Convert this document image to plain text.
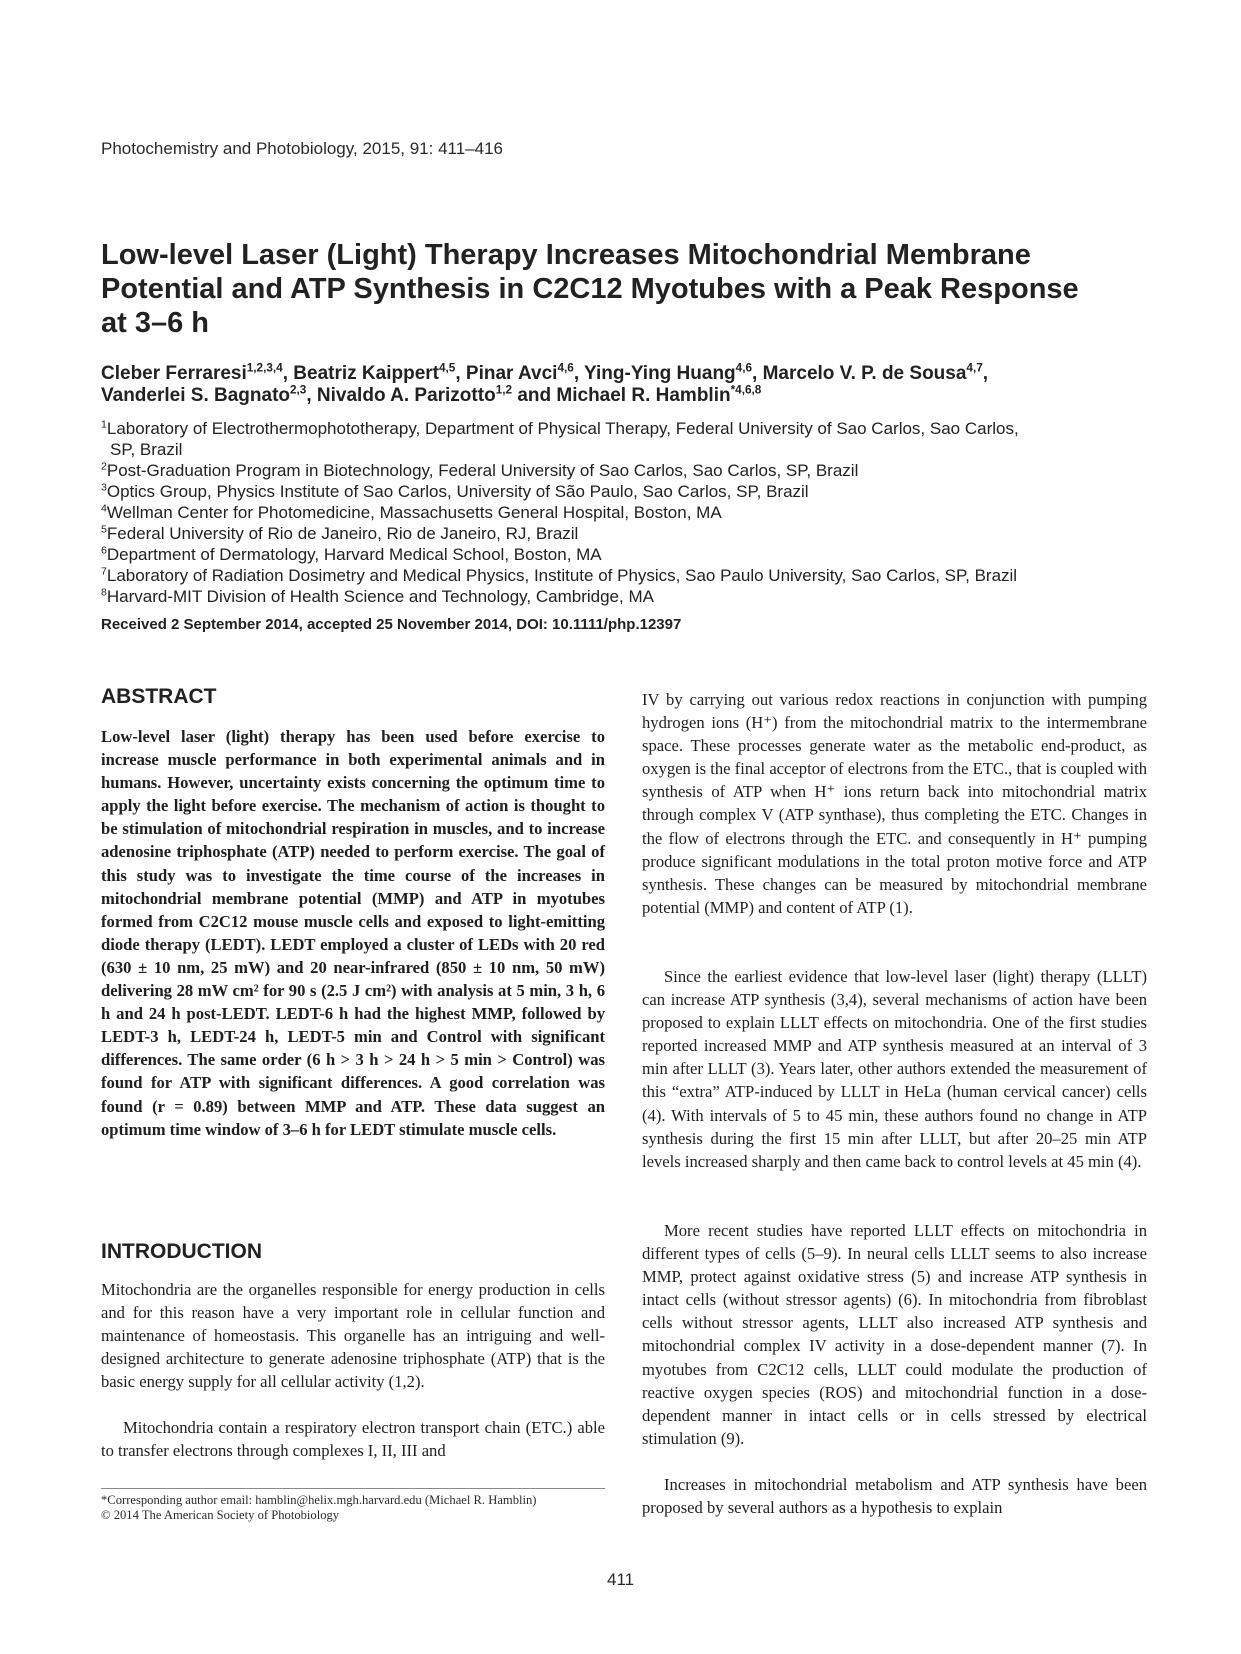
Photochemistry and Photobiology, 2015, 91: 411–416
Low-level Laser (Light) Therapy Increases Mitochondrial Membrane
Potential and ATP Synthesis in C2C12 Myotubes with a Peak Response
at 3–6 h
Cleber Ferraresi$^{1,2,3,4}$, Beatriz Kaippert$^{4,5}$, Pinar Avci$^{4,6}$, Ying-Ying Huang$^{4,6}$, Marcelo V. P. de Sousa$^{4,7}$,
Vanderlei S. Bagnato$^{2,3}$, Nivaldo A. Parizotto$^{1,2}$ and Michael R. Hamblin$^{*4,6,8}$
$^1$Laboratory of Electrothermophototherapy, Department of Physical Therapy, Federal University of Sao Carlos, Sao Carlos,
SP, Brazil
$^2$Post-Graduation Program in Biotechnology, Federal University of Sao Carlos, Sao Carlos, SP, Brazil
$^3$Optics Group, Physics Institute of Sao Carlos, University of São Paulo, Sao Carlos, SP, Brazil
$^4$Wellman Center for Photomedicine, Massachusetts General Hospital, Boston, MA
$^5$Federal University of Rio de Janeiro, Rio de Janeiro, RJ, Brazil
$^6$Department of Dermatology, Harvard Medical School, Boston, MA
$^7$Laboratory of Radiation Dosimetry and Medical Physics, Institute of Physics, Sao Paulo University, Sao Carlos, SP, Brazil
$^8$Harvard-MIT Division of Health Science and Technology, Cambridge, MA
Received 2 September 2014, accepted 25 November 2014, DOI: 10.1111/php.12397
ABSTRACT

Low-level laser (light) therapy has been used before exercise to increase muscle performance in both experimental animals and in humans. However, uncertainty exists concerning the optimum time to apply the light before exercise. The mechanism of action is thought to be stimulation of mitochondrial respiration in muscles, and to increase adenosine triphosphate (ATP) needed to perform exercise. The goal of this study was to investigate the time course of the increases in mitochondrial membrane potential (MMP) and ATP in myotubes formed from C2C12 mouse muscle cells and exposed to light-emitting diode therapy (LEDT). LEDT employed a cluster of LEDs with 20 red (630 ± 10 nm, 25 mW) and 20 near-infrared (850 ± 10 nm, 50 mW) delivering 28 mW cm² for 90 s (2.5 J cm²) with analysis at 5 min, 3 h, 6 h and 24 h post-LEDT. LEDT-6 h had the highest MMP, followed by LEDT-3 h, LEDT-24 h, LEDT-5 min and Control with significant differences. The same order (6 h > 3 h > 24 h > 5 min > Control) was found for ATP with significant differences. A good correlation was found (r = 0.89) between MMP and ATP. These data suggest an optimum time window of 3–6 h for LEDT stimulate muscle cells.

INTRODUCTION

Mitochondria are the organelles responsible for energy production in cells and for this reason have a very important role in cellular function and maintenance of homeostasis. This organelle has an intriguing and well-designed architecture to generate adenosine triphosphate (ATP) that is the basic energy supply for all cellular activity (1,2).

Mitochondria contain a respiratory electron transport chain (ETC.) able to transfer electrons through complexes I, II, III and

IV by carrying out various redox reactions in conjunction with pumping hydrogen ions (H⁺) from the mitochondrial matrix to the intermembrane space. These processes generate water as the metabolic end-product, as oxygen is the final acceptor of electrons from the ETC., that is coupled with synthesis of ATP when H⁺ ions return back into mitochondrial matrix through complex V (ATP synthase), thus completing the ETC. Changes in the flow of electrons through the ETC. and consequently in H⁺ pumping produce significant modulations in the total proton motive force and ATP synthesis. These changes can be measured by mitochondrial membrane potential (MMP) and content of ATP (1).

Since the earliest evidence that low-level laser (light) therapy (LLLT) can increase ATP synthesis (3,4), several mechanisms of action have been proposed to explain LLLT effects on mitochondria. One of the first studies reported increased MMP and ATP synthesis measured at an interval of 3 min after LLLT (3). Years later, other authors extended the measurement of this “extra” ATP-induced by LLLT in HeLa (human cervical cancer) cells (4). With intervals of 5 to 45 min, these authors found no change in ATP synthesis during the first 15 min after LLLT, but after 20–25 min ATP levels increased sharply and then came back to control levels at 45 min (4).

More recent studies have reported LLLT effects on mitochondria in different types of cells (5–9). In neural cells LLLT seems to also increase MMP, protect against oxidative stress (5) and increase ATP synthesis in intact cells (without stressor agents) (6). In mitochondria from fibroblast cells without stressor agents, LLLT also increased ATP synthesis and mitochondrial complex IV activity in a dose-dependent manner (7). In myotubes from C2C12 cells, LLLT could modulate the production of reactive oxygen species (ROS) and mitochondrial function in a dose-dependent manner in intact cells or in cells stressed by electrical stimulation (9).

Increases in mitochondrial metabolism and ATP synthesis have been proposed by several authors as a hypothesis to explain

*Corresponding author email: hamblin@helix.mgh.harvard.edu (Michael R. Hamblin)
© 2014 The American Society of Photobiology
411
